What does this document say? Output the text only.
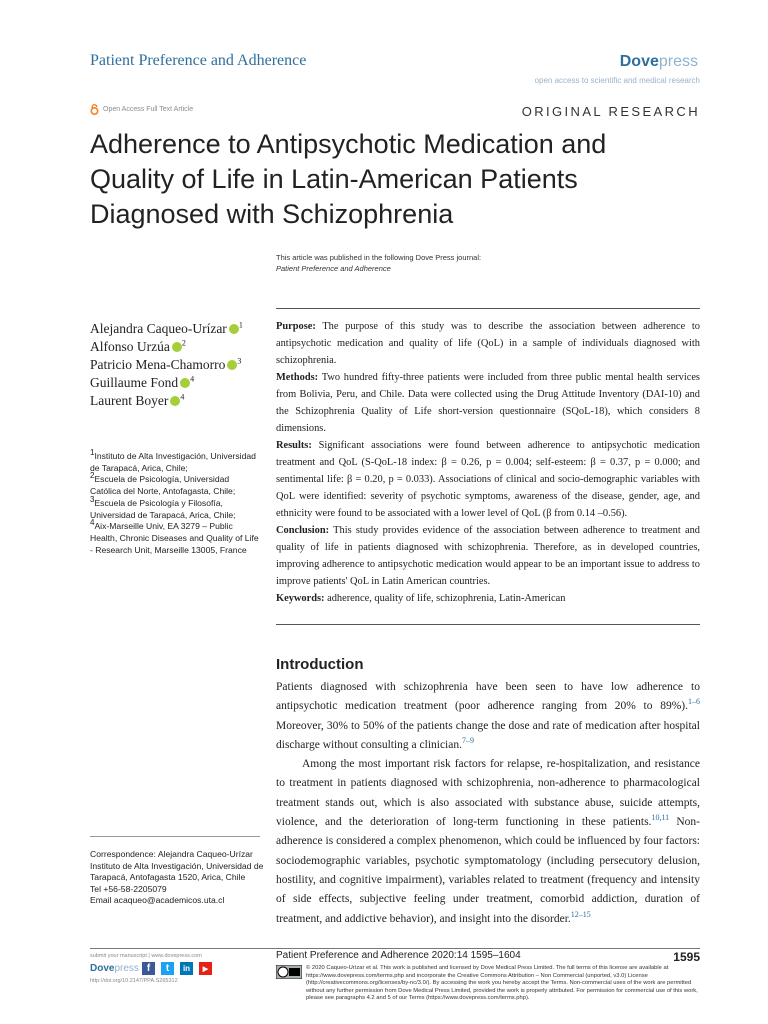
Patient Preference and Adherence	Dovepress
open access to scientific and medical research
Open Access Full Text Article	ORIGINAL RESEARCH
Adherence to Antipsychotic Medication and Quality of Life in Latin-American Patients Diagnosed with Schizophrenia
This article was published in the following Dove Press journal:
Patient Preference and Adherence
Alejandra Caqueo-Urízar $^1$
Alfonso Urzúa $^2$
Patricio Mena-Chamorro $^3$
Guillaume Fond $^4$
Laurent Boyer $^4$
$^1$Instituto de Alta Investigación, Universidad de Tarapacá, Arica, Chile;
$^2$Escuela de Psicología, Universidad Católica del Norte, Antofagasta, Chile;
$^3$Escuela de Psicología y Filosofía, Universidad de Tarapacá, Arica, Chile;
$^4$Aix-Marseille Univ, EA 3279 – Public Health, Chronic Diseases and Quality of Life - Research Unit, Marseille 13005, France
Purpose: The purpose of this study was to describe the association between adherence to antipsychotic medication and quality of life (QoL) in a sample of individuals diagnosed with schizophrenia.
Methods: Two hundred fifty-three patients were included from three public mental health services from Bolivia, Peru, and Chile. Data were collected using the Drug Attitude Inventory (DAI-10) and the Schizophrenia Quality of Life short-version questionnaire (SQoL-18), which considers 8 dimensions.
Results: Significant associations were found between adherence to antipsychotic medication treatment and QoL (S-QoL-18 index: β = 0.26, p = 0.004; self-esteem: β = 0.37, p = 0.000; and sentimental life: β = 0.20, p = 0.033). Associations of clinical and socio-demographic variables with QoL were identified: severity of psychotic symptoms, awareness of the disease, gender, age, and ethnicity were found to be associated with a lower level of QoL (β from 0.14 –0.56).
Conclusion: This study provides evidence of the association between adherence to treatment and quality of life in patients diagnosed with schizophrenia. Therefore, as in developed countries, improving adherence to antipsychotic medication would appear to be an important issue to address to improve patients' QoL in Latin American countries.
Keywords: adherence, quality of life, schizophrenia, Latin-American
Introduction

Patients diagnosed with schizophrenia have been seen to have low adherence to antipsychotic medication treatment (poor adherence ranging from 20% to 89%).$^{1-6}$ Moreover, 30% to 50% of the patients change the dose and rate of medication after hospital discharge without consulting a clinician.$^{7-9}$

Among the most important risk factors for relapse, re-hospitalization, and resistance to treatment in patients diagnosed with schizophrenia, non-adherence to pharmacological treatment stands out, which is also associated with substance abuse, suicide attempts, violence, and the deterioration of long-term functioning in these patients.$^{10,11}$ Non-adherence is considered a complex phenomenon, which could be influenced by four factors: sociodemographic variables, psychotic symptomatology (including persecutory delusion, hostility, and cognitive impairment), variables related to treatment (frequency and intensity of side effects, subjective feeling under treatment, comorbid addiction, duration of treatment, and addictive behavior), and insight into the disorder.$^{12-15}$

Correspondence: Alejandra Caqueo-Urízar
Instituto de Alta Investigación, Universidad de Tarapacá, Antofagasta 1520, Arica, Chile
Tel +56-58-2205079
Email acaqueo@academicos.uta.cl
submit your manuscript | www.dovepress.com
Dovepress f	t	in	▶
http://doi.org/10.2147/PPA.S265312
Patient Preference and Adherence 2020:14 1595–1604	1595
© 2020 Caqueo-Urízar et al. This work is published and licensed by Dove Medical Press Limited. The full terms of this license are available at https://www.dovepress.com/terms.php and incorporate the Creative Commons Attribution – Non Commercial (unported, v3.0) License (http://creativecommons.org/licenses/by-nc/3.0/). By accessing the work you hereby accept the Terms. Non-commercial uses of the work are permitted without any further permission from Dove Medical Press Limited, provided the work is properly attributed. For permission for commercial use of this work, please see paragraphs 4.2 and 5 of our Terms (https://www.dovepress.com/terms.php).
